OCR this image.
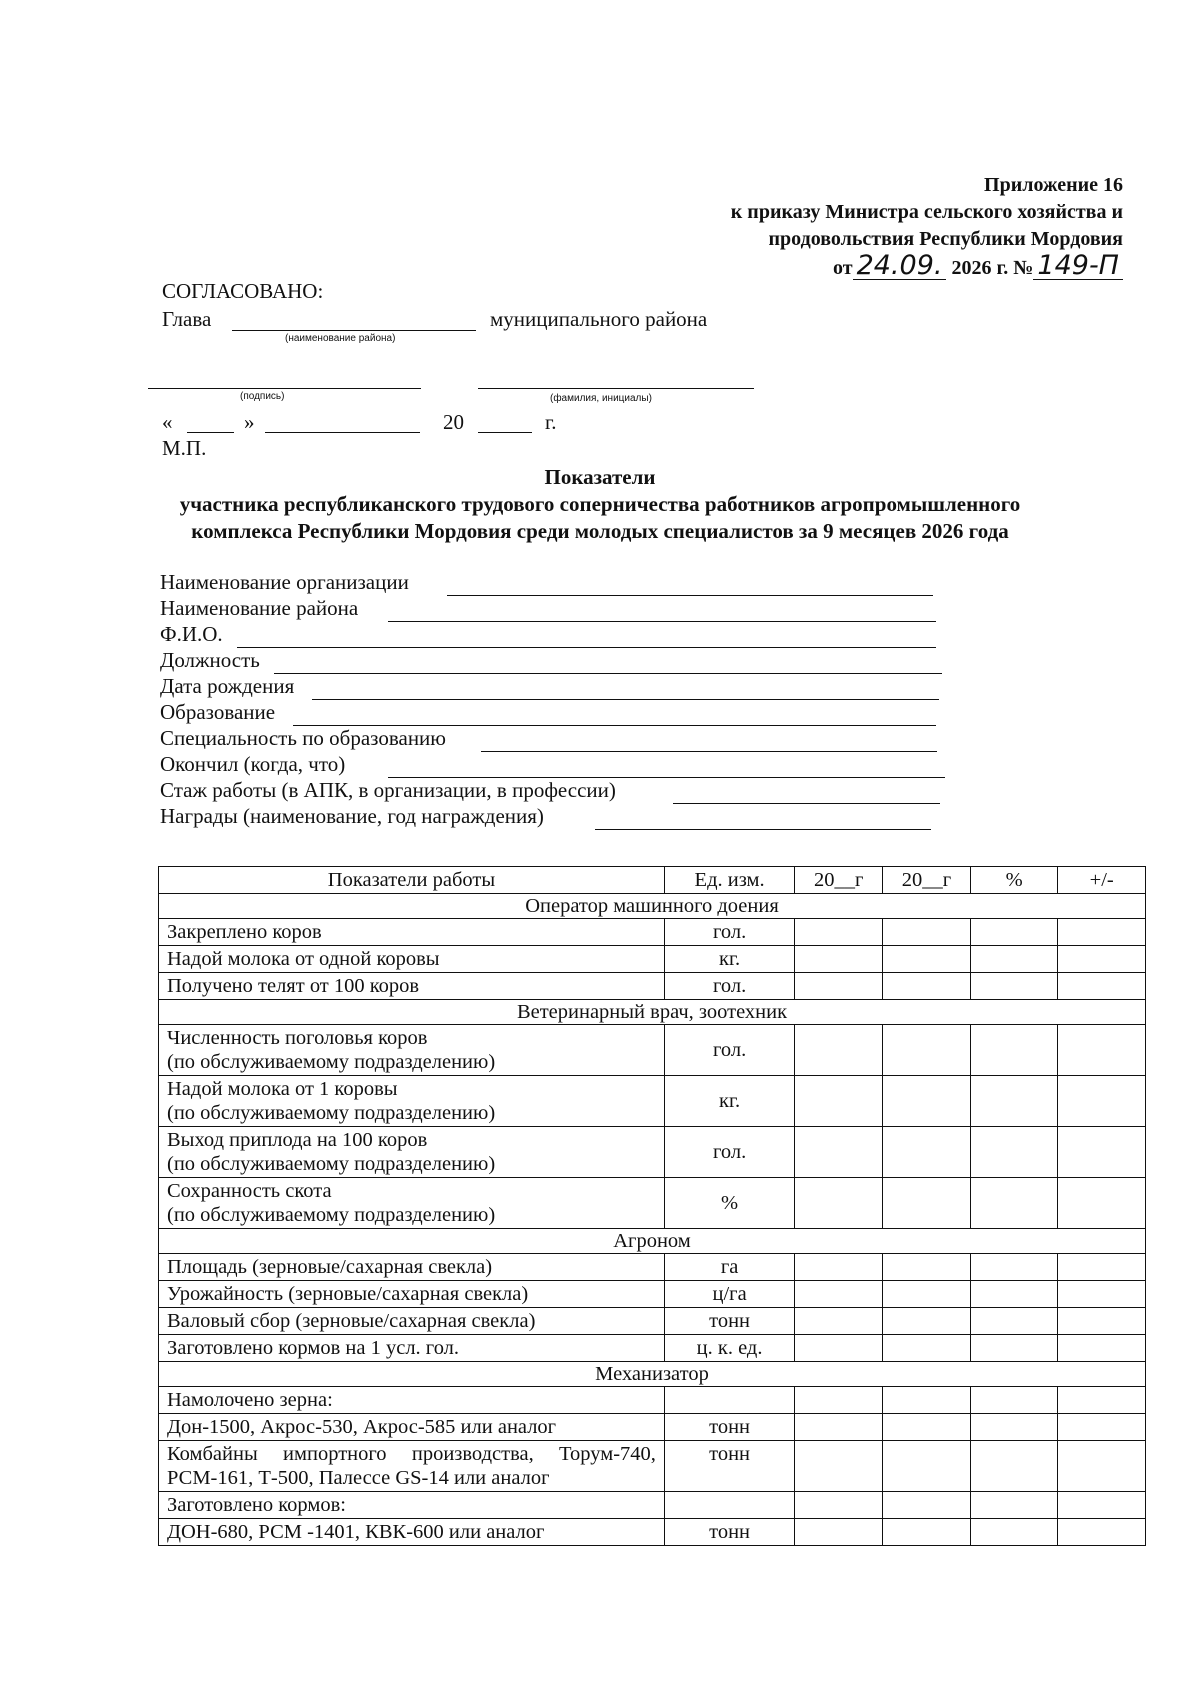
Приложение 16
к приказу Министра сельского хозяйства и
продовольствия Республики Мордовия
от 24.09. 2026 г. № 149-П
СОГЛАСОВАНО:
Глава	муниципального района
(наименование района)
(подпись)	(фамилия, инициалы)
«	»	20	г.
М.П.
Показатели
участника республиканского трудового соперничества работников агропромышленного
комплекса Республики Мордовия среди молодых специалистов за 9 месяцев 2026 года
Наименование организации
Наименование района
Ф.И.О.
Должность
Дата рождения
Образование
Специальность по образованию
Окончил (когда, что)
Стаж работы (в АПК, в организации, в профессии)
Награды (наименование, год награждения)
Показатели работы	Ед. изм.	20__г	20__г	%	+/-
Оператор машинного доения					
Закреплено коров	гол.				
Надой молока от одной коровы	кг.				
Получено телят от 100 коров	гол.				
Ветеринарный врач, зоотехник					

Численность поголовья коров
(по обслуживаемому подразделению)	гол.				

Надой молока от 1 коровы
(по обслуживаемому подразделению)	кг.				

Выход приплода на 100 коров
(по обслуживаемому подразделению)	гол.				

Сохранность скота
(по обслуживаемому подразделению)	%				
Агроном					
Площадь (зерновые/сахарная свекла)	га				
Урожайность (зерновые/сахарная свекла)	ц/га				
Валовый сбор (зерновые/сахарная свекла)	тонн				
Заготовлено кормов на 1 усл. гол.	ц. к. ед.				
Механизатор					
Намолочено зерна:					
Дон-1500, Акрос-530, Акрос-585 или аналог	тонн				
Комбайны импортного производства, Торум-740, РСМ-161, Т-500, Палессе GS-14 или аналог	тонн				
Заготовлено кормов:					
ДОН-680, РСМ -1401, КВК-600 или аналог	тонн				
